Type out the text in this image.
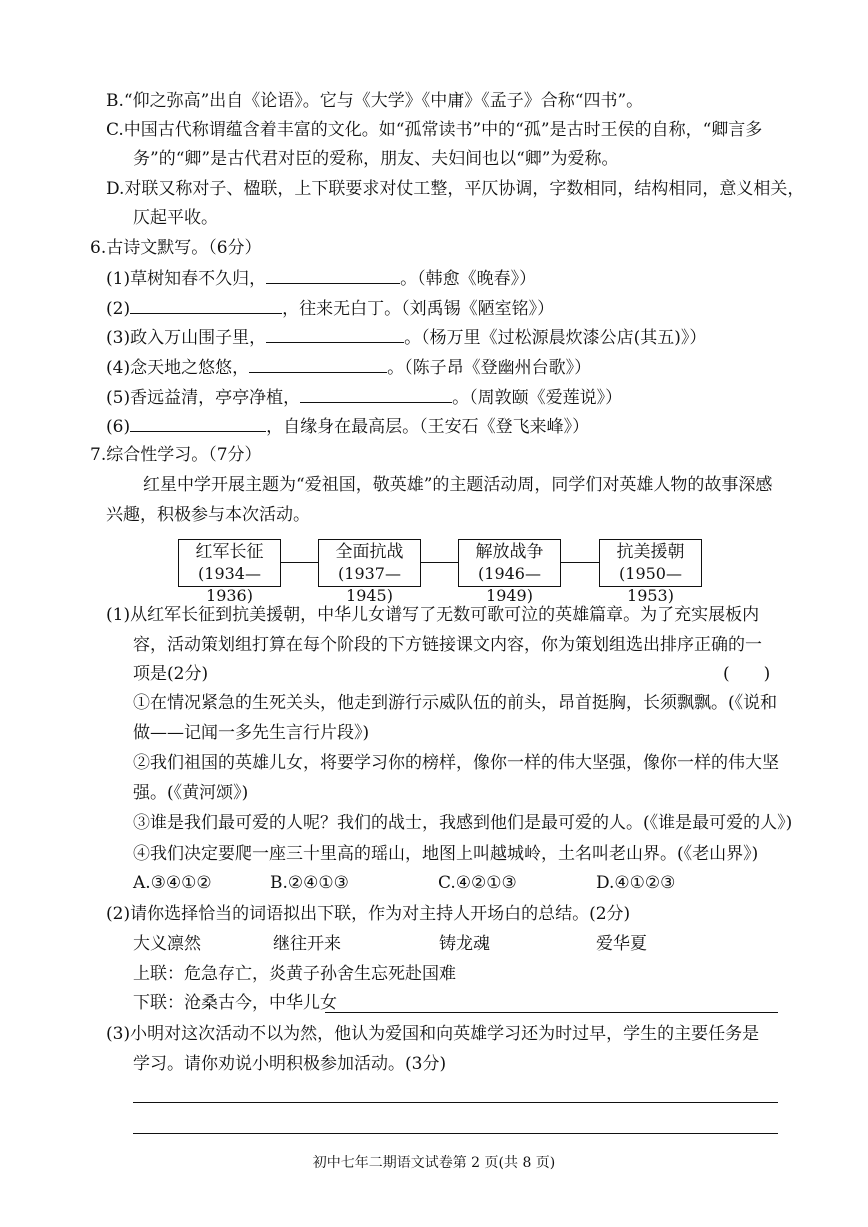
B.“仰之弥高”出自《论语》。它与《大学》《中庸》《孟子》合称“四书”。
C.中国古代称谓蕴含着丰富的文化。如“孤常读书”中的“孤”是古时王侯的自称，“卿言多
务”的“卿”是古代君对臣的爱称，朋友、夫妇间也以“卿”为爱称。
D.对联又称对子、楹联，上下联要求对仗工整，平仄协调，字数相同，结构相同，意义相关，
仄起平收。
6.古诗文默写。（6分）
(1)草树知春不久归，	。（韩愈《晚春》）
(2)	，往来无白丁。（刘禹锡《陋室铭》）
(3)政入万山围子里，	。（杨万里《过松源晨炊漆公店(其五)》）
(4)念天地之悠悠，	。（陈子昂《登幽州台歌》）
(5)香远益清，亭亭净植，	。（周敦颐《爱莲说》）
(6)	，自缘身在最高层。（王安石《登飞来峰》）
7.综合性学习。（7分）
红星中学开展主题为“爱祖国，敬英雄”的主题活动周，同学们对英雄人物的故事深感
兴趣，积极参与本次活动。
红军长征
(1934—1936)
全面抗战
(1937—1945)
解放战争
(1946—1949)
抗美援朝
(1950—1953)
(1)从红军长征到抗美援朝，中华儿女谱写了无数可歌可泣的英雄篇章。为了充实展板内
容，活动策划组打算在每个阶段的下方链接课文内容，你为策划组选出排序正确的一
项是(2分)	(　　)
①在情况紧急的生死关头，他走到游行示威队伍的前头，昂首挺胸，长须飘飘。(《说和
做——记闻一多先生言行片段》)
②我们祖国的英雄儿女，将要学习你的榜样，像你一样的伟大坚强，像你一样的伟大坚
强。(《黄河颂》)
③谁是我们最可爱的人呢？我们的战士，我感到他们是最可爱的人。(《谁是最可爱的人》)
④我们决定要爬一座三十里高的瑶山，地图上叫越城岭，土名叫老山界。(《老山界》)
A.③④①②	B.②④①③	C.④②①③	D.④①②③
(2)请你选择恰当的词语拟出下联，作为对主持人开场白的总结。(2分)
大义凛然	继往开来	铸龙魂	爱华夏
上联：危急存亡，炎黄子孙舍生忘死赴国难
下联：沧桑古今，中华儿女
(3)小明对这次活动不以为然，他认为爱国和向英雄学习还为时过早，学生的主要任务是
学习。请你劝说小明积极参加活动。(3分)
初中七年二期语文试卷第 2 页(共 8 页)
